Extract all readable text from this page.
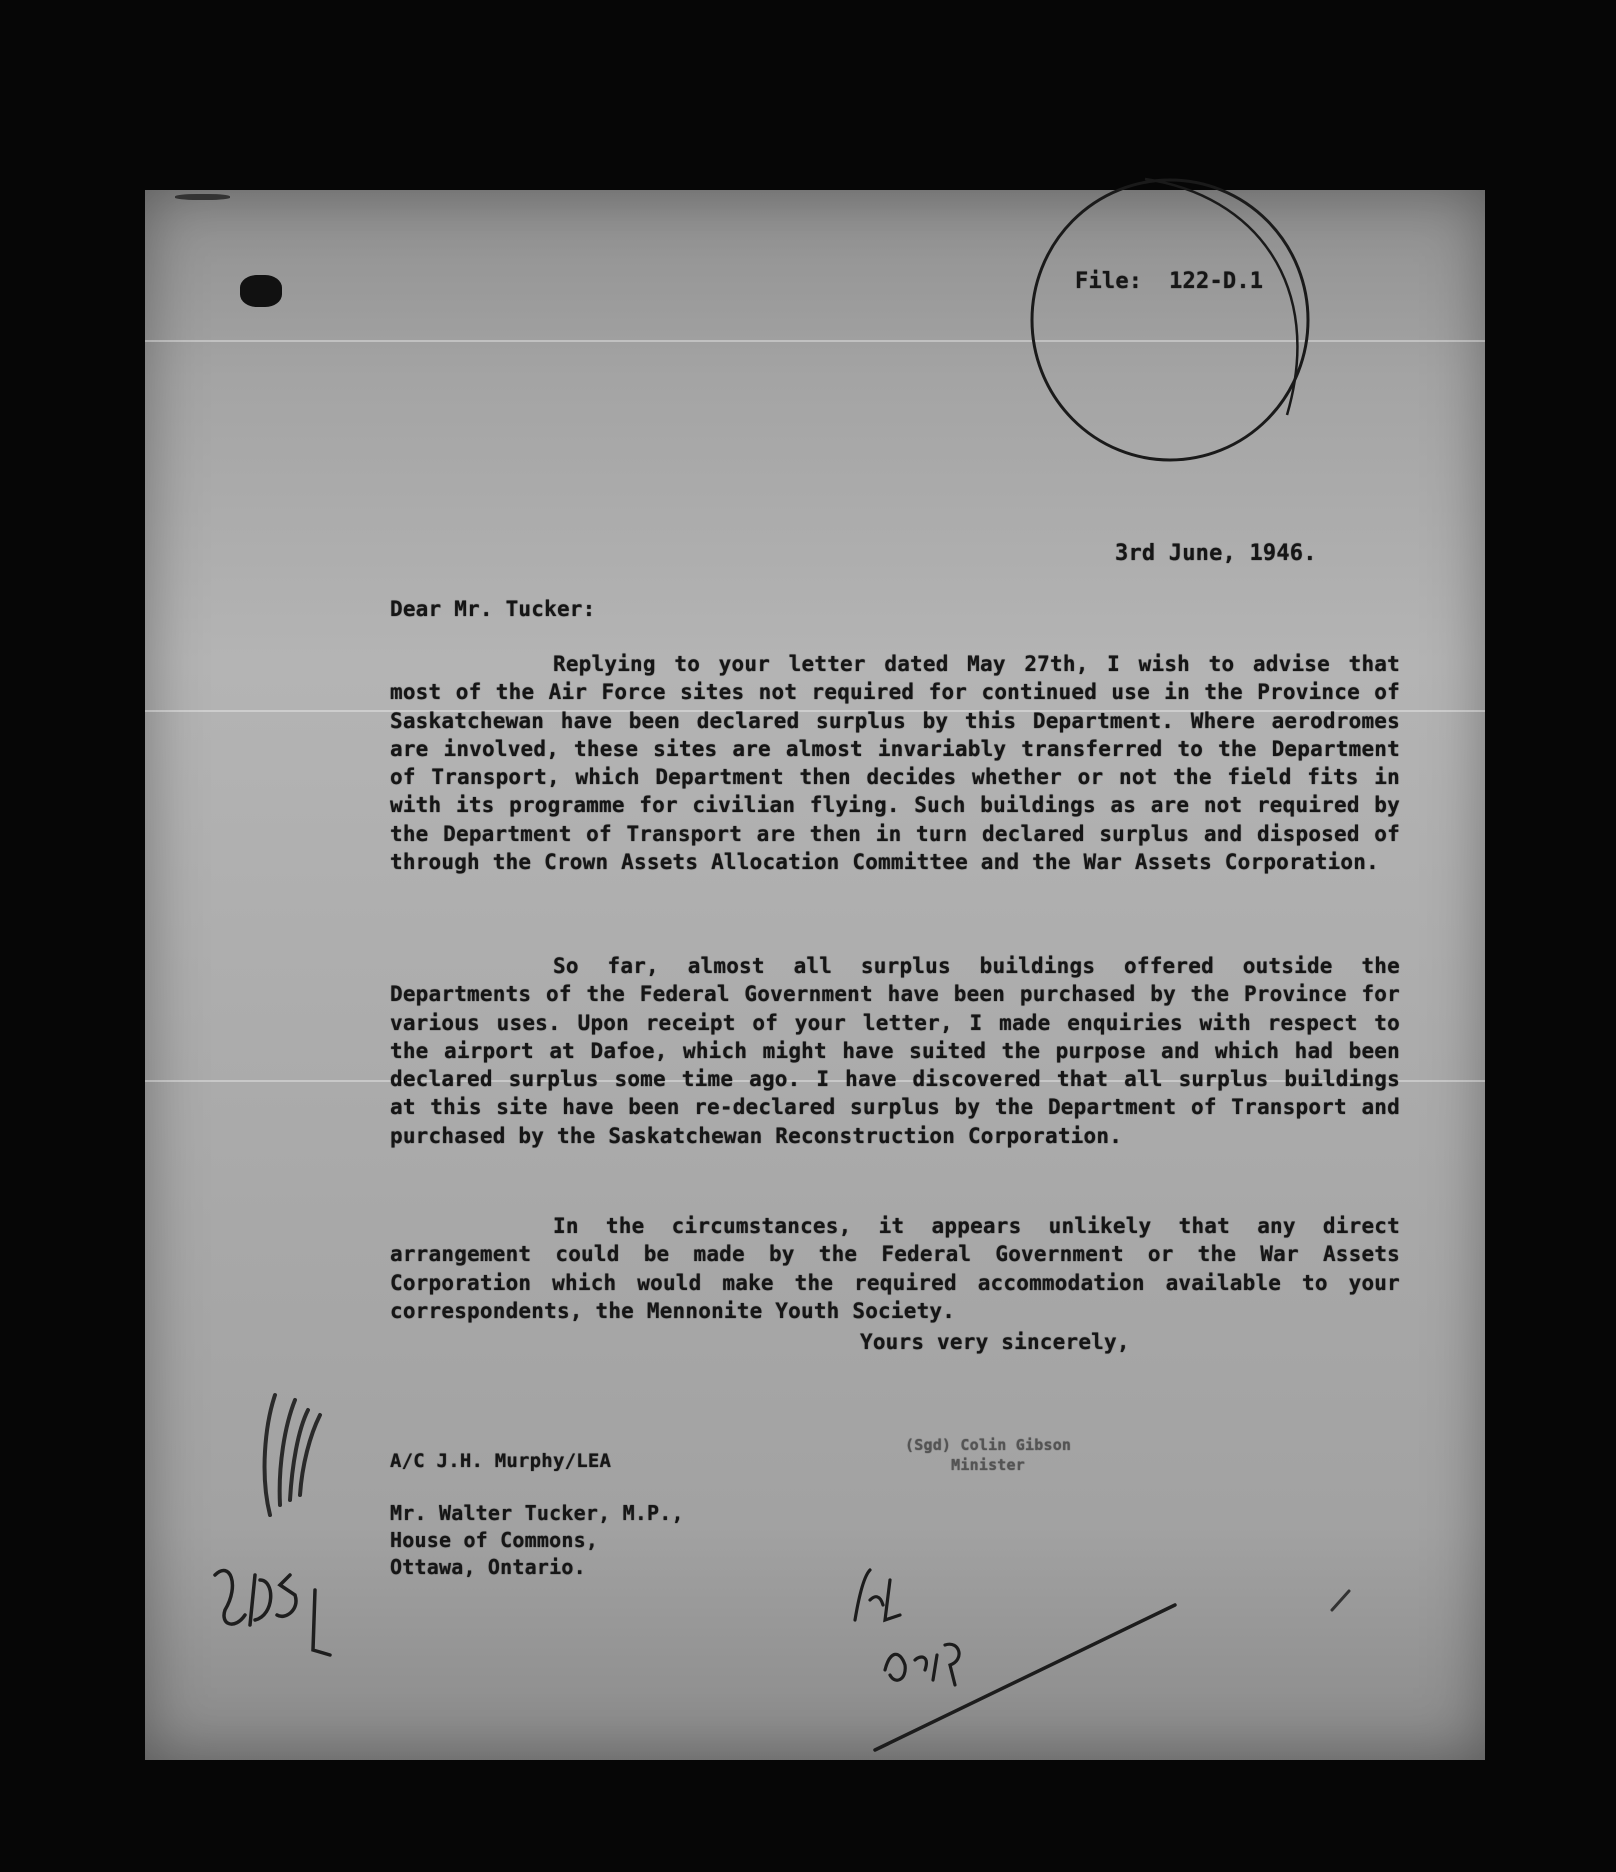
File:  122-D.1
3rd June, 1946.
Dear Mr. Tucker:

Replying to your letter dated May 27th, I wish to advise that most of the Air Force sites not required for continued use in the Province of Saskatchewan have been declared surplus by this Department. Where aerodromes are involved, these sites are almost invariably transferred to the Department of Transport, which Department then decides whether or not the field fits in with its programme for civilian flying. Such buildings as are not required by the Department of Transport are then in turn declared surplus and disposed of through the Crown Assets Allocation Committee and the War Assets Corporation.

So far, almost all surplus buildings offered outside the Departments of the Federal Government have been purchased by the Province for various uses. Upon receipt of your letter, I made enquiries with respect to the airport at Dafoe, which might have suited the purpose and which had been declared surplus some time ago. I have discovered that all surplus buildings at this site have been re-declared surplus by the Department of Transport and purchased by the Saskatchewan Reconstruction Corporation.

In the circumstances, it appears unlikely that any direct arrangement could be made by the Federal Government or the War Assets Corporation which would make the required accommodation available to your correspondents, the Mennonite Youth Society.

Yours very sincerely,
(Sgd) Colin Gibson
Minister
A/C J.H. Murphy/LEA
Mr. Walter Tucker, M.P.,
House of Commons,
Ottawa, Ontario.
